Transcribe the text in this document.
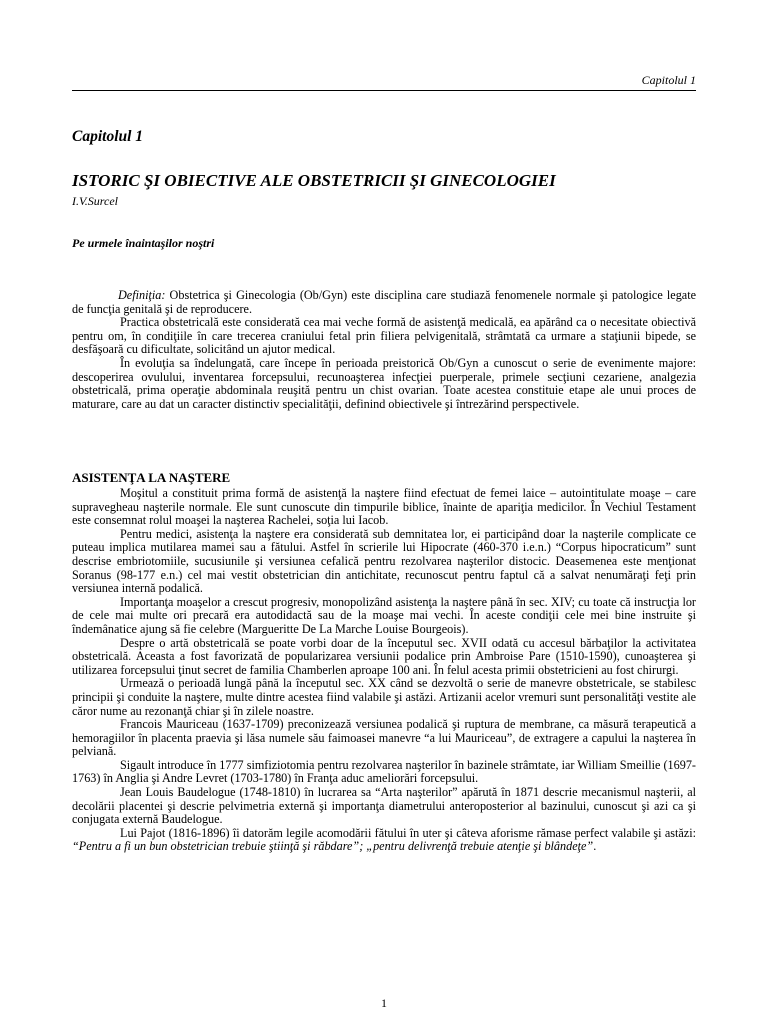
Capitolul 1
Capitolul 1
ISTORIC ŞI OBIECTIVE ALE OBSTETRICII ŞI GINECOLOGIEI
I.V.Surcel
Pe urmele înaintaşilor noştri

Definiţia: Obstetrica şi Ginecologia (Ob/Gyn) este disciplina care studiază fenomenele normale şi patologice legate de funcţia genitală şi de reproducere.

Practica obstetricală este considerată cea mai veche formă de asistenţă medicală, ea apărând ca o necesitate obiectivă pentru om, în condiţiile în care trecerea craniului fetal prin filiera pelvigenitală, strâmtată ca urmare a staţiunii bipede, se desfăşoară cu dificultate, solicitând un ajutor medical.

În evoluţia sa îndelungată, care începe în perioada preistorică Ob/Gyn a cunoscut o serie de evenimente majore: descoperirea ovulului, inventarea forcepsului, recunoaşterea infecţiei puerperale, primele secţiuni cezariene, analgezia obstetricală, prima operaţie abdominala reuşită pentru un chist ovarian. Toate acestea constituie etape ale unui proces de maturare, care au dat un caracter distinctiv specialităţii, definind obiectivele şi întrezărind perspectivele.

ASISTENŢA LA NAŞTERE

Moşitul a constituit prima formă de asistenţă la naştere fiind efectuat de femei laice – autointitulate moaşe – care supravegheau naşterile normale. Ele sunt cunoscute din timpurile biblice, înainte de apariţia medicilor. În Vechiul Testament este consemnat rolul moaşei la naşterea Rachelei, soţia lui Iacob.

Pentru medici, asistenţa la naştere era considerată sub demnitatea lor, ei participând doar la naşterile complicate ce puteau implica mutilarea mamei sau a fătului. Astfel în scrierile lui Hipocrate (460-370 i.e.n.) “Corpus hipocraticum” sunt descrise embriotomiile, sucusiunile şi versiunea cefalică pentru rezolvarea naşterilor distocic. Deasemenea este menţionat Soranus (98-177 e.n.) cel mai vestit obstetrician din antichitate, recunoscut pentru faptul că a salvat nenumăraţi feţi prin versiunea internă podalică.

Importanţa moaşelor a crescut progresiv, monopolizând asistenţa la naştere până în sec. XIV; cu toate că instrucţia lor de cele mai multe ori precară era autodidactă sau de la moaşe mai vechi. În aceste condiţii cele mei bine instruite şi îndemânatice ajung să fie celebre (Margueritte De La Marche Louise Bourgeois).

Despre o artă obstetricală se poate vorbi doar de la începutul sec. XVII odată cu accesul bărbaţilor la activitatea obstetricală. Aceasta a fost favorizată de popularizarea versiunii podalice prin Ambroise Pare (1510-1590), cunoaşterea şi utilizarea forcepsului ţinut secret de familia Chamberlen aproape 100 ani. În felul acesta primii obstetricieni au fost chirurgi.

Urmează o perioadă lungă până la începutul sec. XX când se dezvoltă o serie de manevre obstetricale, se stabilesc principii şi conduite la naştere, multe dintre acestea fiind valabile şi astăzi. Artizanii acelor vremuri sunt personalităţi vestite ale căror nume au rezonanţă chiar şi în zilele noastre.

Francois Mauriceau (1637-1709) preconizează versiunea podalică şi ruptura de membrane, ca măsură terapeutică a hemoragiilor în placenta praevia şi lăsa numele său faimoasei manevre “a lui Mauriceau”, de extragere a capului la naşterea în pelviană.

Sigault introduce în 1777 simfiziotomia pentru rezolvarea naşterilor în bazinele strâmtate, iar William Smeillie (1697-1763) în Anglia şi Andre Levret (1703-1780) în Franţa aduc ameliorări forcepsului.

Jean Louis Baudelogue (1748-1810) în lucrarea sa “Arta naşterilor” apărută în 1871 descrie mecanismul naşterii, al decolării placentei şi descrie pelvimetria externă şi importanţa diametrului anteroposterior al bazinului, cunoscut şi azi ca şi conjugata externă Baudelogue.

Lui Pajot (1816-1896) îi datorăm legile acomodării fătului în uter şi câteva aforisme rămase perfect valabile şi astăzi: “Pentru a fi un bun obstetrician trebuie ştiinţă şi răbdare”; „pentru delivrenţă trebuie atenţie şi blândeţe”.

1
